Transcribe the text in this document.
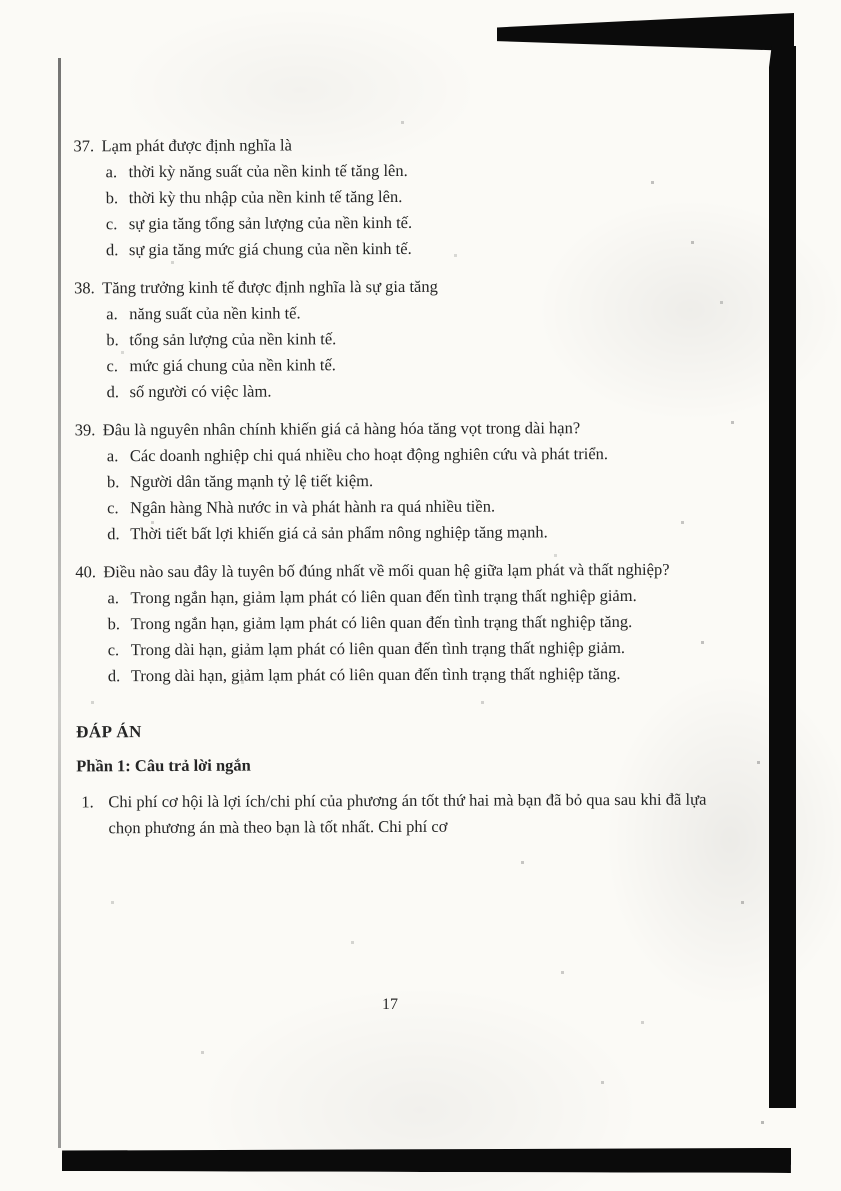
37. Lạm phát được định nghĩa là
a. thời kỳ năng suất của nền kinh tế tăng lên.
b. thời kỳ thu nhập của nền kinh tế tăng lên.
c. sự gia tăng tổng sản lượng của nền kinh tế.
d. sự gia tăng mức giá chung của nền kinh tế.
38. Tăng trưởng kinh tế được định nghĩa là sự gia tăng
a. năng suất của nền kinh tế.
b. tổng sản lượng của nền kinh tế.
c. mức giá chung của nền kinh tế.
d. số người có việc làm.
39. Đâu là nguyên nhân chính khiến giá cả hàng hóa tăng vọt trong dài hạn?
a. Các doanh nghiệp chi quá nhiều cho hoạt động nghiên cứu và phát triển.
b. Người dân tăng mạnh tỷ lệ tiết kiệm.
c. Ngân hàng Nhà nước in và phát hành ra quá nhiều tiền.
d. Thời tiết bất lợi khiến giá cả sản phẩm nông nghiệp tăng mạnh.
40. Điều nào sau đây là tuyên bố đúng nhất về mối quan hệ giữa lạm phát và thất nghiệp?
a. Trong ngắn hạn, giảm lạm phát có liên quan đến tình trạng thất nghiệp giảm.
b. Trong ngắn hạn, giảm lạm phát có liên quan đến tình trạng thất nghiệp tăng.
c. Trong dài hạn, giảm lạm phát có liên quan đến tình trạng thất nghiệp giảm.
d. Trong dài hạn, giảm lạm phát có liên quan đến tình trạng thất nghiệp tăng.
ĐÁP ÁN
Phần 1: Câu trả lời ngắn
1. Chi phí cơ hội là lợi ích/chi phí của phương án tốt thứ hai mà bạn đã bỏ qua sau khi đã lựa chọn phương án mà theo bạn là tốt nhất. Chi phí cơ
17
